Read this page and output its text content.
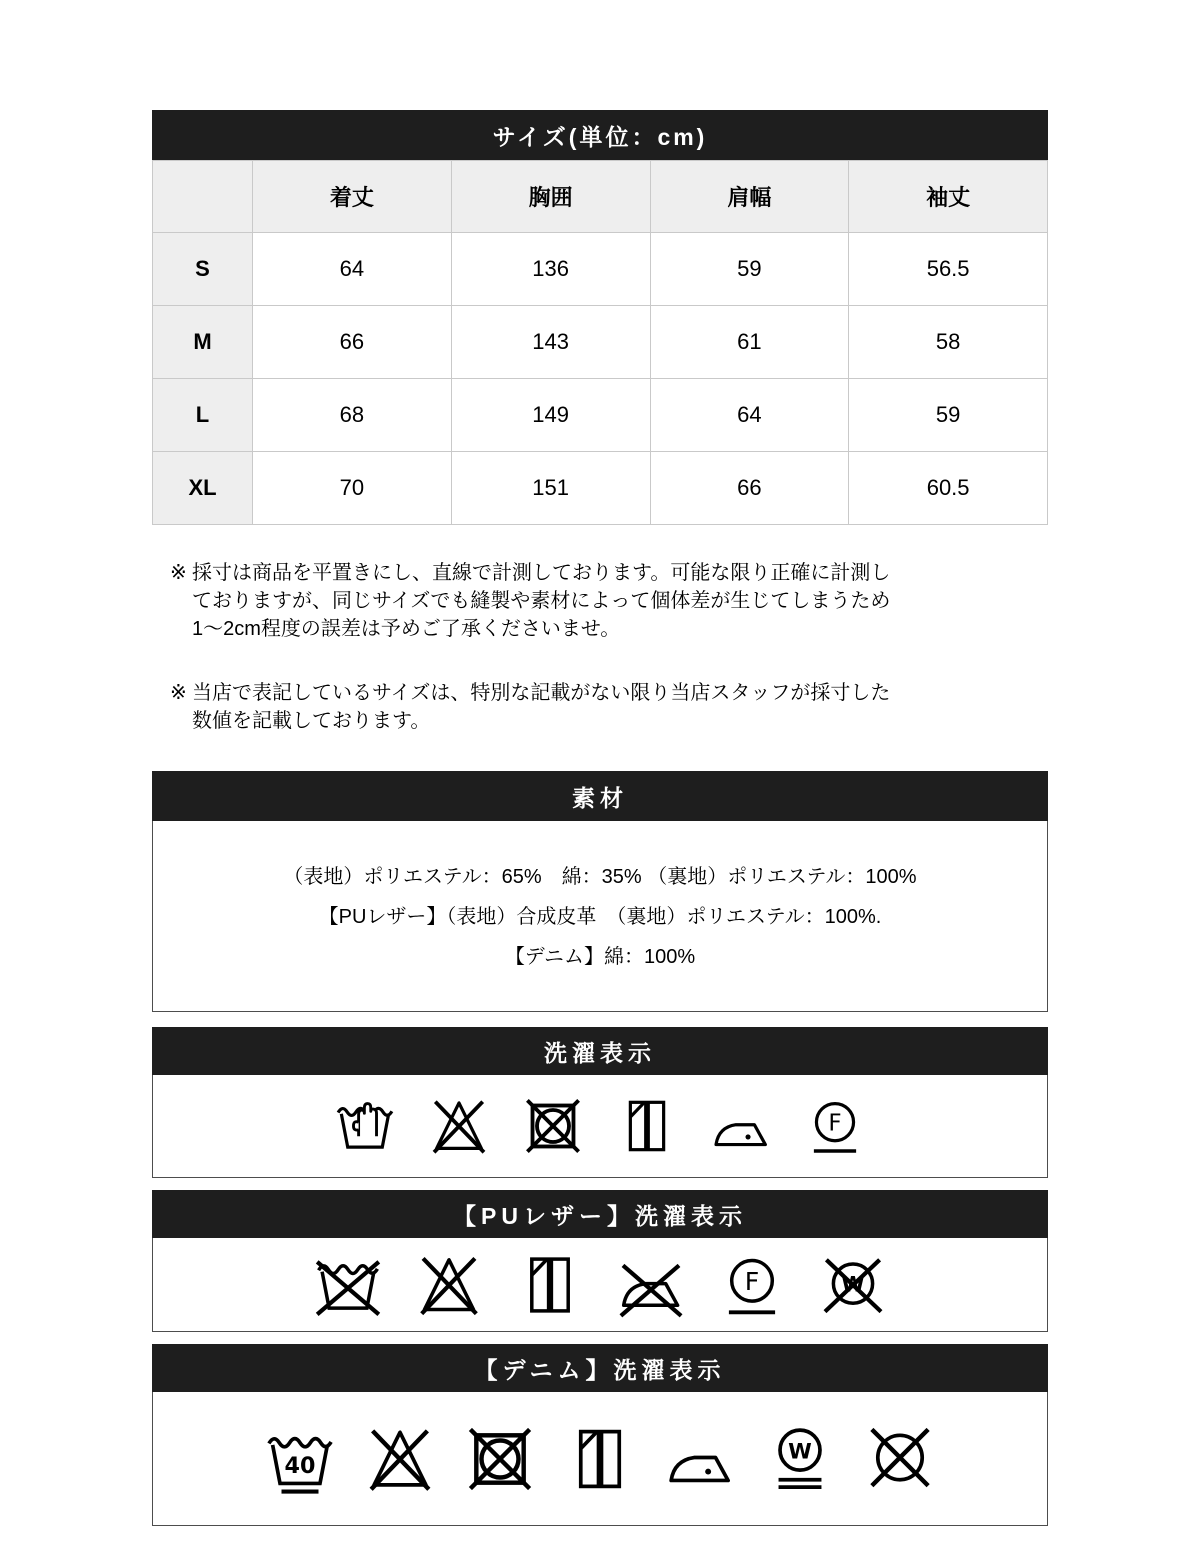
サイズ(単位：cm)
	着丈	胸囲	肩幅	袖丈
S	64	136	59	56.5
M	66	143	61	58
L	68	149	64	59
XL	70	151	66	60.5
※ 採寸は商品を平置きにし、直線で計測しております。可能な限り正確に計測し
ておりますが、同じサイズでも縫製や素材によって個体差が生じてしまうため
1〜2cm程度の誤差は予めご了承くださいませ。
※ 当店で表記しているサイズは、特別な記載がない限り当店スタッフが採寸した
数値を記載しております。
素材
（表地）ポリエステル：65%　綿：35% （裏地）ポリエステル：100%
【PUレザー】（表地）合成皮革　（裏地）ポリエステル：100%.
【デニム】綿：100%
洗濯表示
F
【PUレザー】洗濯表示
F	W
【デニム】洗濯表示
40
W
